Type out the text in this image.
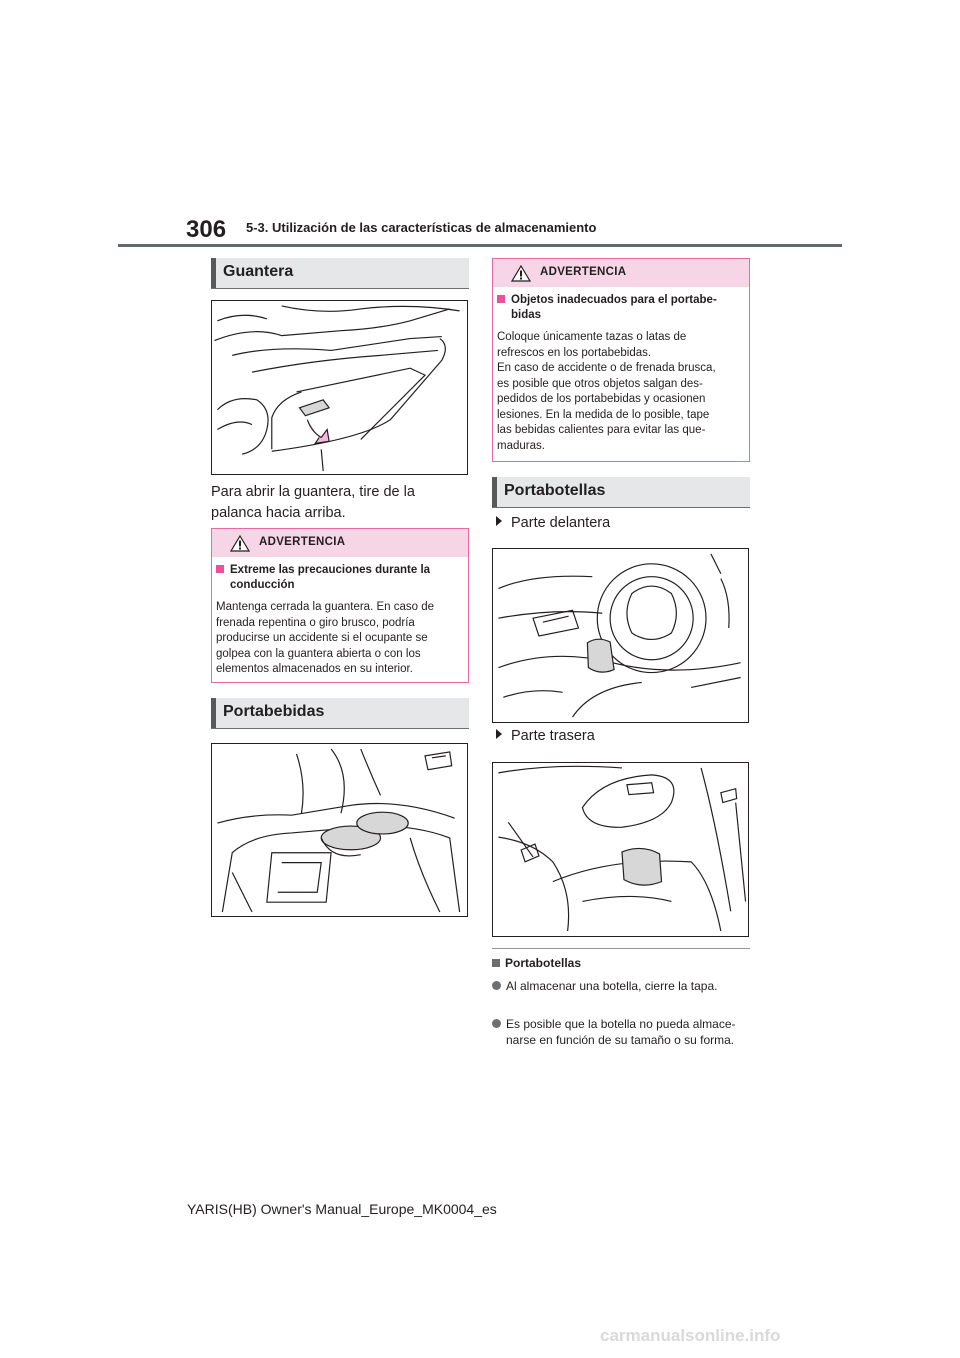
306 5-3. Utilización de las características de almacenamiento
Guantera
Para abrir la guantera, tire de la
palanca hacia arriba.
ADVERTENCIA
Extreme las precauciones durante la
conducción
Mantenga cerrada la guantera. En caso de
frenada repentina o giro brusco, podría
producirse un accidente si el ocupante se
golpea con la guantera abierta o con los
elementos almacenados en su interior.
Portabebidas
ADVERTENCIA
Objetos inadecuados para el portabe-
bidas
Coloque únicamente tazas o latas de
refrescos en los portabebidas.
En caso de accidente o de frenada brusca,
es posible que otros objetos salgan des-
pedidos de los portabebidas y ocasionen
lesiones. En la medida de lo posible, tape
las bebidas calientes para evitar las que-
maduras.
Portabotellas
Parte delantera
Parte trasera
Portabotellas
Al almacenar una botella, cierre la tapa.
Es posible que la botella no pueda almace-
narse en función de su tamaño o su forma.
YARIS(HB) Owner's Manual_Europe_MK0004_es
carmanualsonline.info
